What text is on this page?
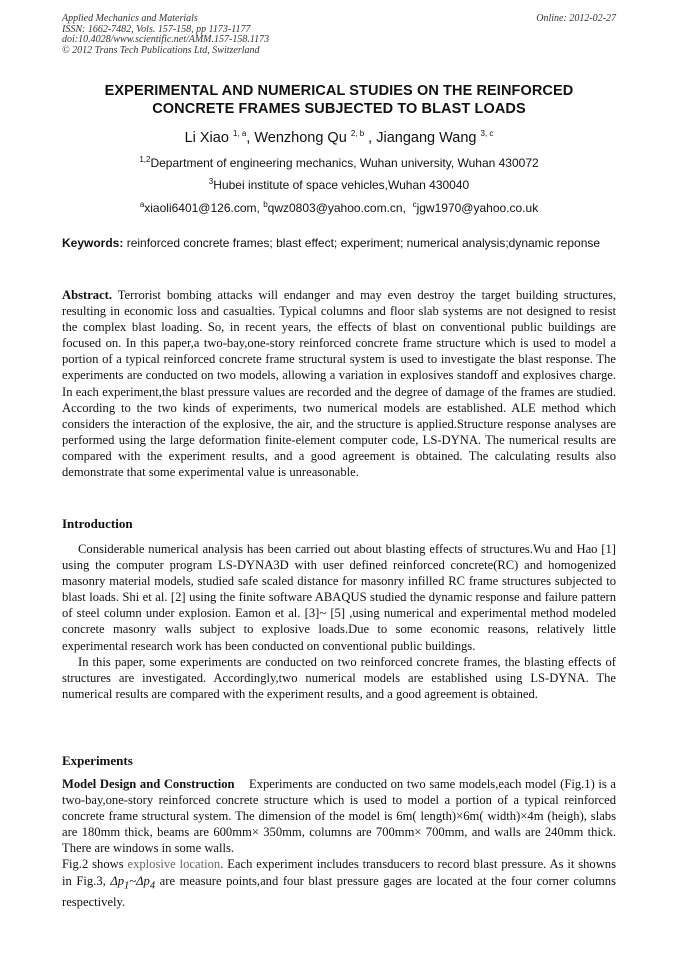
Applied Mechanics and Materials
ISSN: 1662-7482, Vols. 157-158, pp 1173-1177
doi:10.4028/www.scientific.net/AMM.157-158.1173
© 2012 Trans Tech Publications Ltd, Switzerland
Online: 2012-02-27
EXPERIMENTAL AND NUMERICAL STUDIES ON THE REINFORCED
CONCRETE FRAMES SUBJECTED TO BLAST LOADS
Li Xiao $^{1, a}$, Wenzhong Qu $^{2, b}$ , Jiangang Wang $^{3, c}$
$^{1,2}$Department of engineering mechanics, Wuhan university, Wuhan 430072
$^3$Hubei institute of space vehicles,Wuhan 430040
$^a$xiaoli6401@126.com, $^b$qwz0803@yahoo.com.cn, $^c$jgw1970@yahoo.co.uk
Keywords: reinforced concrete frames; blast effect; experiment; numerical analysis;dynamic reponse
Abstract. Terrorist bombing attacks will endanger and may even destroy the target building structures, resulting in economic loss and casualties. Typical columns and floor slab systems are not designed to resist the complex blast loading. So, in recent years, the effects of blast on conventional public buildings are focused on. In this paper,a two-bay,one-story reinforced concrete frame structure which is used to model a portion of a typical reinforced concrete frame structural system is used to investigate the blast response. The experiments are conducted on two models, allowing a variation in explosives standoff and explosives charge. In each experiment,the blast pressure values are recorded and the degree of damage of the frames are studied. According to the two kinds of experiments, two numerical models are established. ALE method which considers the interaction of the explosive, the air, and the structure is applied.Structure response analyses are performed using the large deformation finite-element computer code, LS-DYNA. The numerical results are compared with the experiment results, and a good agreement is obtained. The calculating results also demonstrate that some experimental value is unreasonable.
Introduction

Considerable numerical analysis has been carried out about blasting effects of structures.Wu and Hao [1] using the computer program LS-DYNA3D with user defined reinforced concrete(RC) and homogenized masonry material models, studied safe scaled distance for masonry infilled RC frame structures subjected to blast loads. Shi et al. [2] using the finite software ABAQUS studied the dynamic response and failure pattern of steel column under explosion. Eamon et al. [3]~ [5] ,using numerical and experimental method modeled concrete masonry walls subject to explosive loads.Due to some economic reasons, relatively little experimental research work has been conducted on conventional public buildings.

In this paper, some experiments are conducted on two reinforced concrete frames, the blasting effects of structures are investigated. Accordingly,two numerical models are established using LS-DYNA. The numerical results are compared with the experiment results, and a good agreement is obtained.

Experiments

Model Design and Construction Experiments are conducted on two same models,each model (Fig.1) is a two-bay,one-story reinforced concrete structure which is used to model a portion of a typical reinforced concrete frame structural system. The dimension of the model is 6m( length)×6m( width)×4m (heigh), slabs are 180mm thick, beams are 600mm× 350mm, columns are 700mm× 700mm, and walls are 240mm thick. There are windows in some walls.

Fig.2 shows explosive location. Each experiment includes transducers to record blast pressure. As it showns in Fig.3, $\Delta p_1\sim\Delta p_4$ are measure points,and four blast pressure gages are located at the four corner columns respectively.
